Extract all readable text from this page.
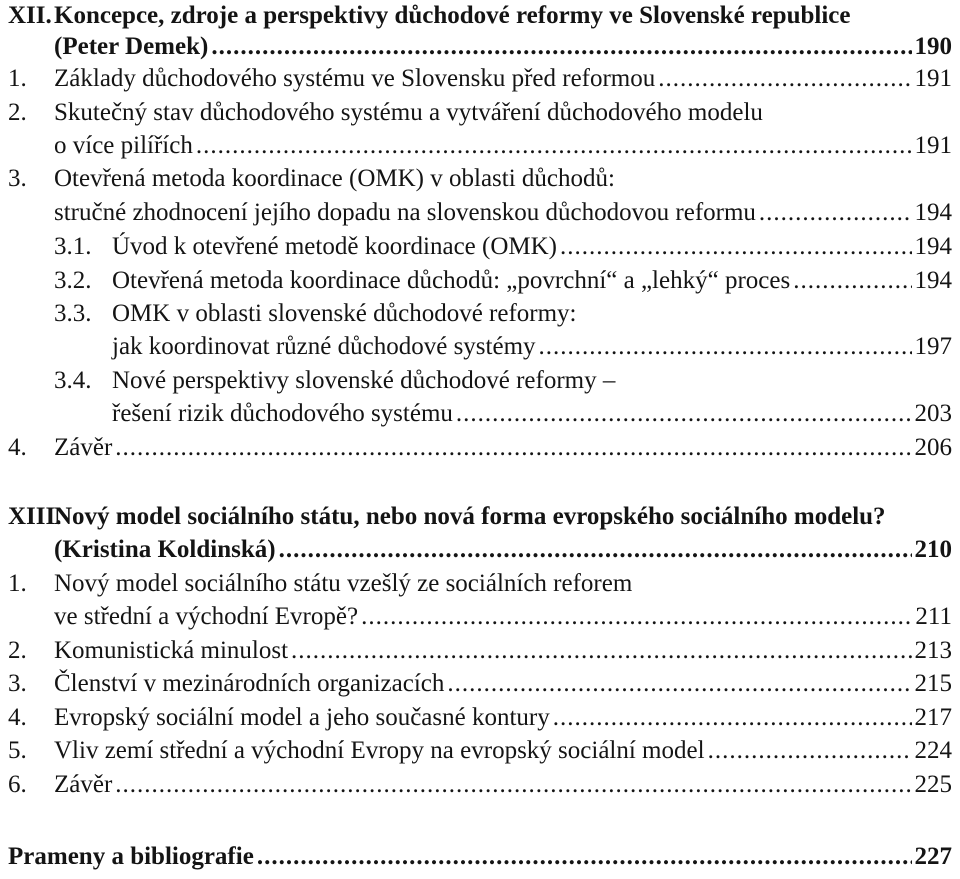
XII. Koncepce, zdroje a perspektivy důchodové reformy ve Slovenské republice
(Peter Demek) .....	190
1. Základy důchodového systému ve Slovensku před reformou .....	191
2. Skutečný stav důchodového systému a vytváření důchodového modelu
o více pilířích .....	191
3. Otevřená metoda koordinace (OMK) v oblasti důchodů:
stručné zhodnocení jejího dopadu na slovenskou důchodovou reformu .....	194
3.1. Úvod k otevřené metodě koordinace (OMK) .....	194
3.2. Otevřená metoda koordinace důchodů: „povrchní“ a „lehký“ proces .....	194
3.3. OMK v oblasti slovenské důchodové reformy:
jak koordinovat různé důchodové systémy .....	197
3.4. Nové perspektivy slovenské důchodové reformy –
řešení rizik důchodového systému .....	203
4. Závěr .....	206
XIII.
Nový model sociálního státu, nebo nová forma evropského sociálního modelu?
(Kristina Koldinská) .....	210
1. Nový model sociálního státu vzešlý ze sociálních reforem
ve střední a východní Evropě? .....	211
2. Komunistická minulost .....	213
3. Členství v mezinárodních organizacích .....	215
4. Evropský sociální model a jeho současné kontury .....	217
5. Vliv zemí střední a východní Evropy na evropský sociální model .....	224
6. Závěr .....	225
Prameny a bibliografie .....	227
